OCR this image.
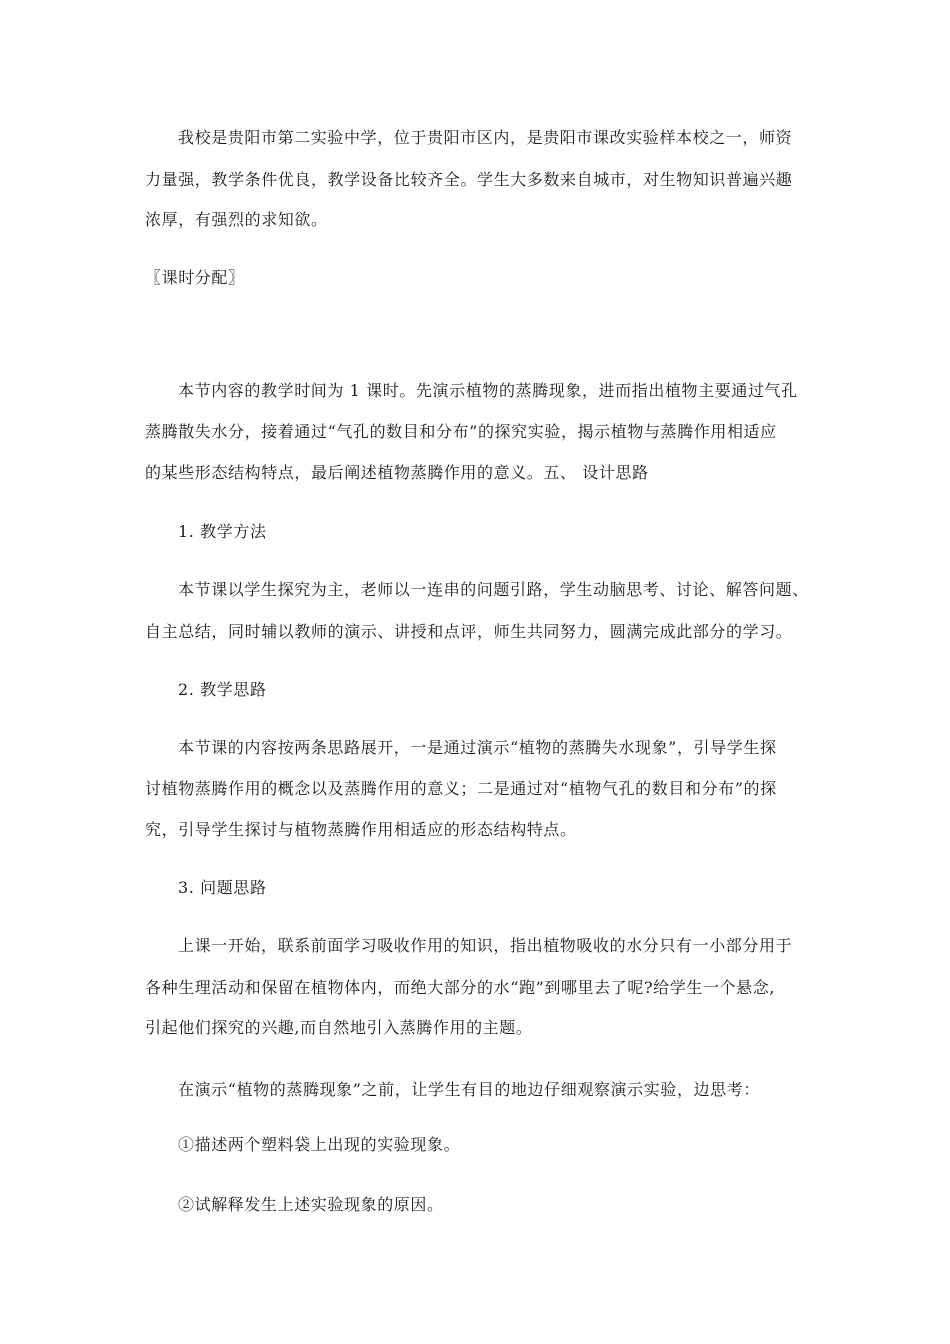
我校是贵阳市第二实验中学，位于贵阳市区内，是贵阳市课改实验样本校之一，师资
力量强，教学条件优良，教学设备比较齐全。学生大多数来自城市，对生物知识普遍兴趣
浓厚，有强烈的求知欲。
〖课时分配〗
本节内容的教学时间为 1 课时。先演示植物的蒸腾现象，进而指出植物主要通过气孔
蒸腾散失水分，接着通过“气孔的数目和分布”的探究实验，揭示植物与蒸腾作用相适应
的某些形态结构特点，最后阐述植物蒸腾作用的意义。五、 设计思路
1. 教学方法
本节课以学生探究为主，老师以一连串的问题引路，学生动脑思考、讨论、解答问题、
自主总结，同时辅以教师的演示、讲授和点评，师生共同努力，圆满完成此部分的学习。
2. 教学思路
本节课的内容按两条思路展开，一是通过演示“植物的蒸腾失水现象”，引导学生探
讨植物蒸腾作用的概念以及蒸腾作用的意义；二是通过对“植物气孔的数目和分布”的探
究，引导学生探讨与植物蒸腾作用相适应的形态结构特点。
3. 问题思路
上课一开始，联系前面学习吸收作用的知识，指出植物吸收的水分只有一小部分用于
各种生理活动和保留在植物体内，而绝大部分的水“跑”到哪里去了呢?给学生一个悬念,
引起他们探究的兴趣,而自然地引入蒸腾作用的主题。
在演示“植物的蒸腾现象”之前，让学生有目的地边仔细观察演示实验，边思考：
①描述两个塑料袋上出现的实验现象。
②试解释发生上述实验现象的原因。
